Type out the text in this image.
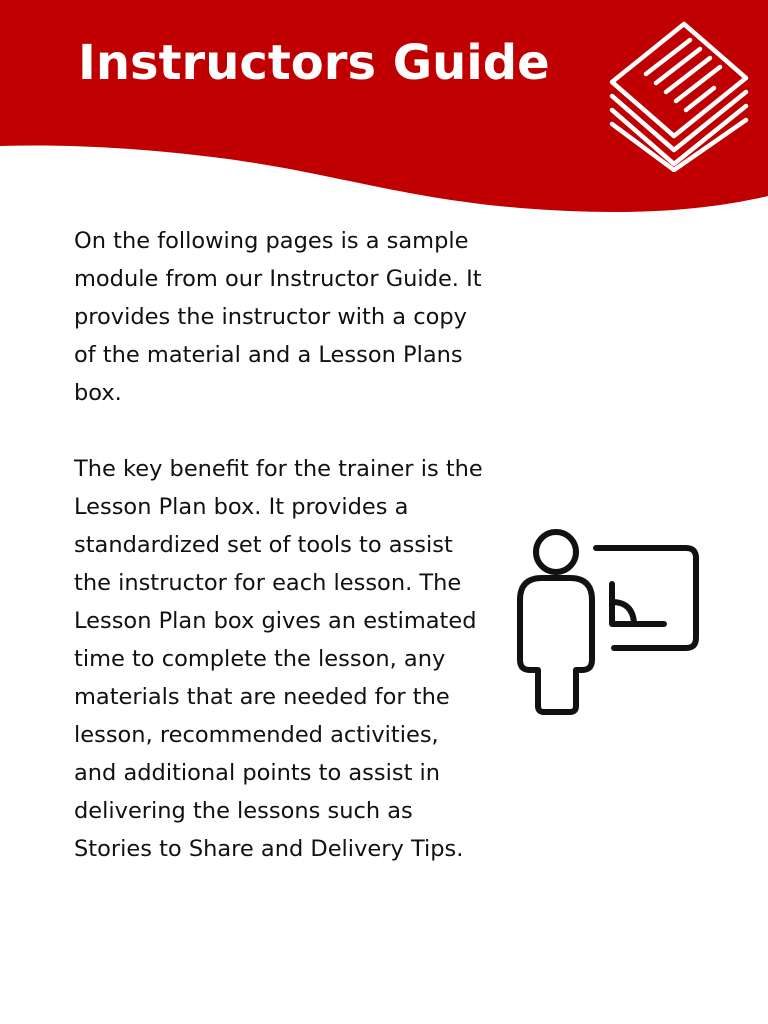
Instructors Guide

On the following pages is a sample module from our Instructor Guide. It provides the instructor with a copy of the material and a Lesson Plans box.

The key benefit for the trainer is the Lesson Plan box. It provides a standardized set of tools to assist the instructor for each lesson. The Lesson Plan box gives an estimated time to complete the lesson, any materials that are needed for the lesson, recommended activities, and additional points to assist in delivering the lessons such as Stories to Share and Delivery Tips.
